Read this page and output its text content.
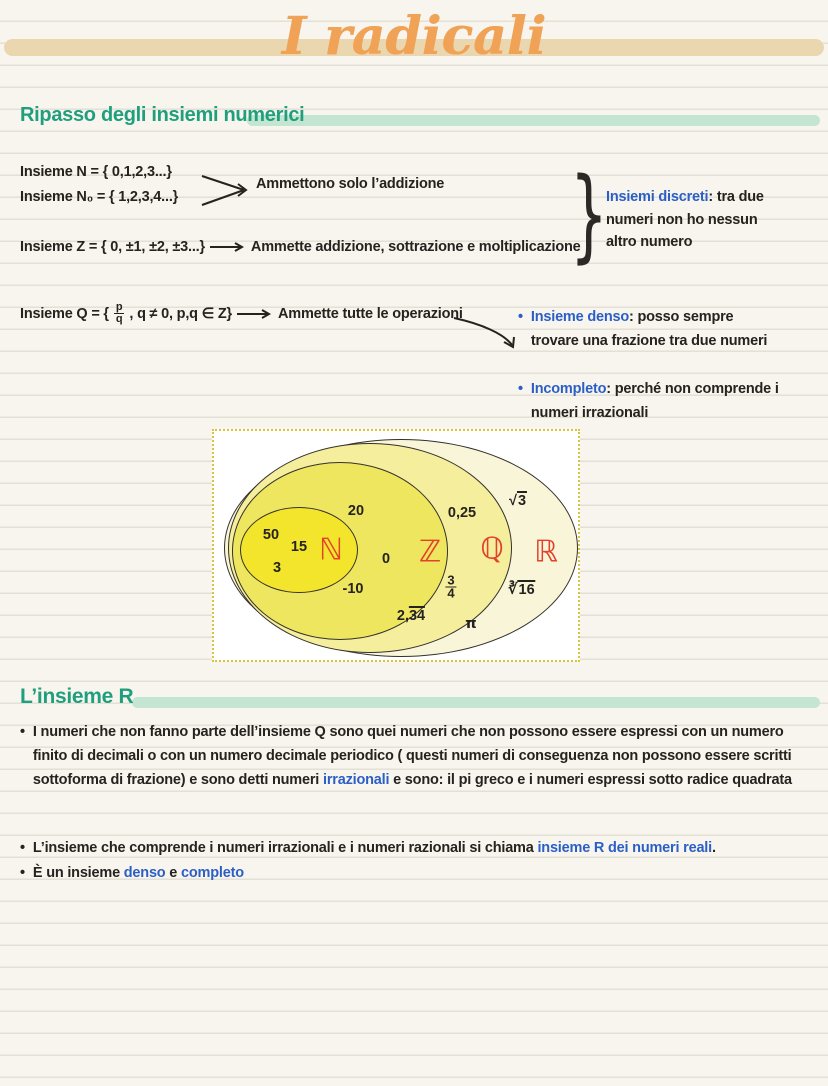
I radicali
Ripasso degli insiemi numerici
Insieme N = { 0,1,2,3...}
Insieme N₀ = { 1,2,3,4...}
Ammettono solo l’addizione
Insieme Z = { 0, ±1, ±2, ±3...}	Ammette addizione, sottrazione e moltiplicazione
}
Insiemi discreti: tra due numeri non ho nessun altro numero
Insieme Q = { $\frac{p}{q}$ , q ≠ 0, p,q ∈ Z}	Ammette tutte le operazioni	• Insieme denso: posso sempre trovare una frazione tra due numeri
• Incompleto: perché non comprende i numeri irrazionali
ℕ	ℤ ℚ ℝ
50
15
3
20
0
-10
0,25
$\frac{3}{4}$
2,34
√3
∛16
π
L’insieme R
• I numeri che non fanno parte dell’insieme Q sono quei numeri che non possono essere espressi con un numero finito di decimali o con un numero decimale periodico ( questi numeri di conseguenza non possono essere scritti sottoforma di frazione) e sono detti numeri irrazionali e sono: il pi greco e i numeri espressi sotto radice quadrata
• L’insieme che comprende i numeri irrazionali e i numeri razionali si chiama insieme R dei numeri reali.
• È un insieme denso e completo
